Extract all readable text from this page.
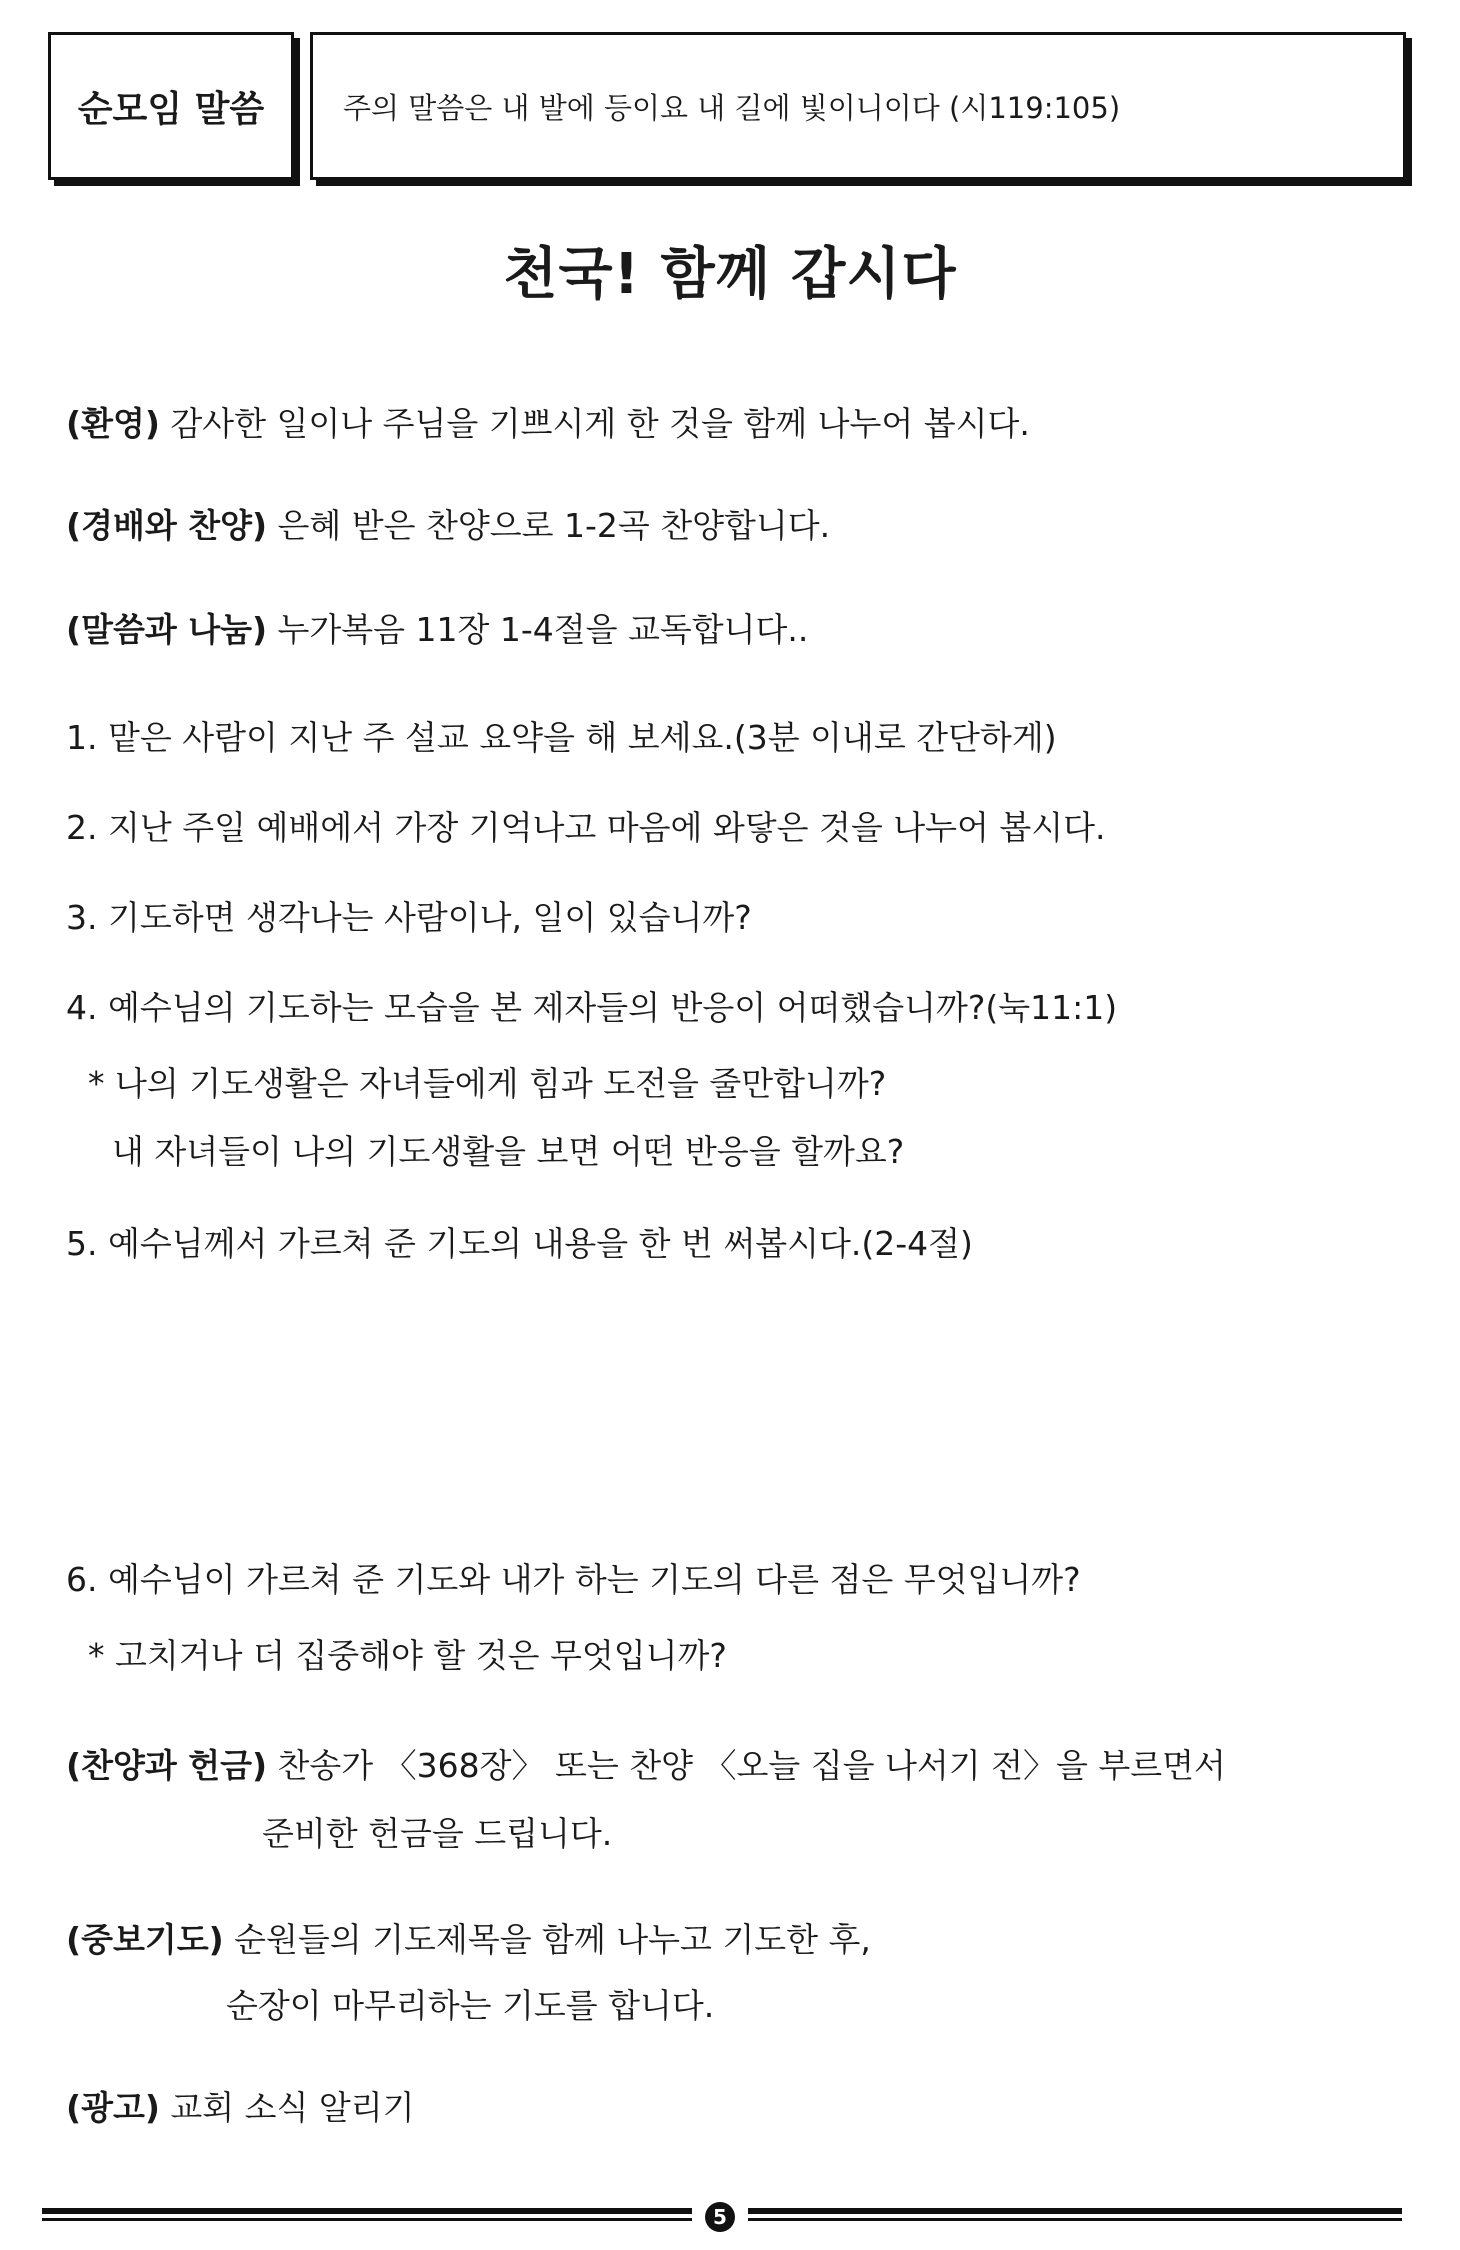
순모임 말씀	주의 말씀은 내 발에 등이요 내 길에 빛이니이다 (시119:105)
천국! 함께 갑시다
(환영) 감사한 일이나 주님을 기쁘시게 한 것을 함께 나누어 봅시다.
(경배와 찬양) 은혜 받은 찬양으로 1-2곡 찬양합니다.
(말씀과 나눔) 누가복음 11장 1-4절을 교독합니다..
1. 맡은 사람이 지난 주 설교 요약을 해 보세요.(3분 이내로 간단하게)
2. 지난 주일 예배에서 가장 기억나고 마음에 와닿은 것을 나누어 봅시다.
3. 기도하면 생각나는 사람이나, 일이 있습니까?
4. 예수님의 기도하는 모습을 본 제자들의 반응이 어떠했습니까?(눅11:1)
* 나의 기도생활은 자녀들에게 힘과 도전을 줄만합니까?
내 자녀들이 나의 기도생활을 보면 어떤 반응을 할까요?
5. 예수님께서 가르쳐 준 기도의 내용을 한 번 써봅시다.(2-4절)
6. 예수님이 가르쳐 준 기도와 내가 하는 기도의 다른 점은 무엇입니까?
* 고치거나 더 집중해야 할 것은 무엇입니까?
(찬양과 헌금) 찬송가 〈368장〉 또는 찬양 〈오늘 집을 나서기 전〉을 부르면서
준비한 헌금을 드립니다.
(중보기도) 순원들의 기도제목을 함께 나누고 기도한 후,
순장이 마무리하는 기도를 합니다.
(광고) 교회 소식 알리기
5
